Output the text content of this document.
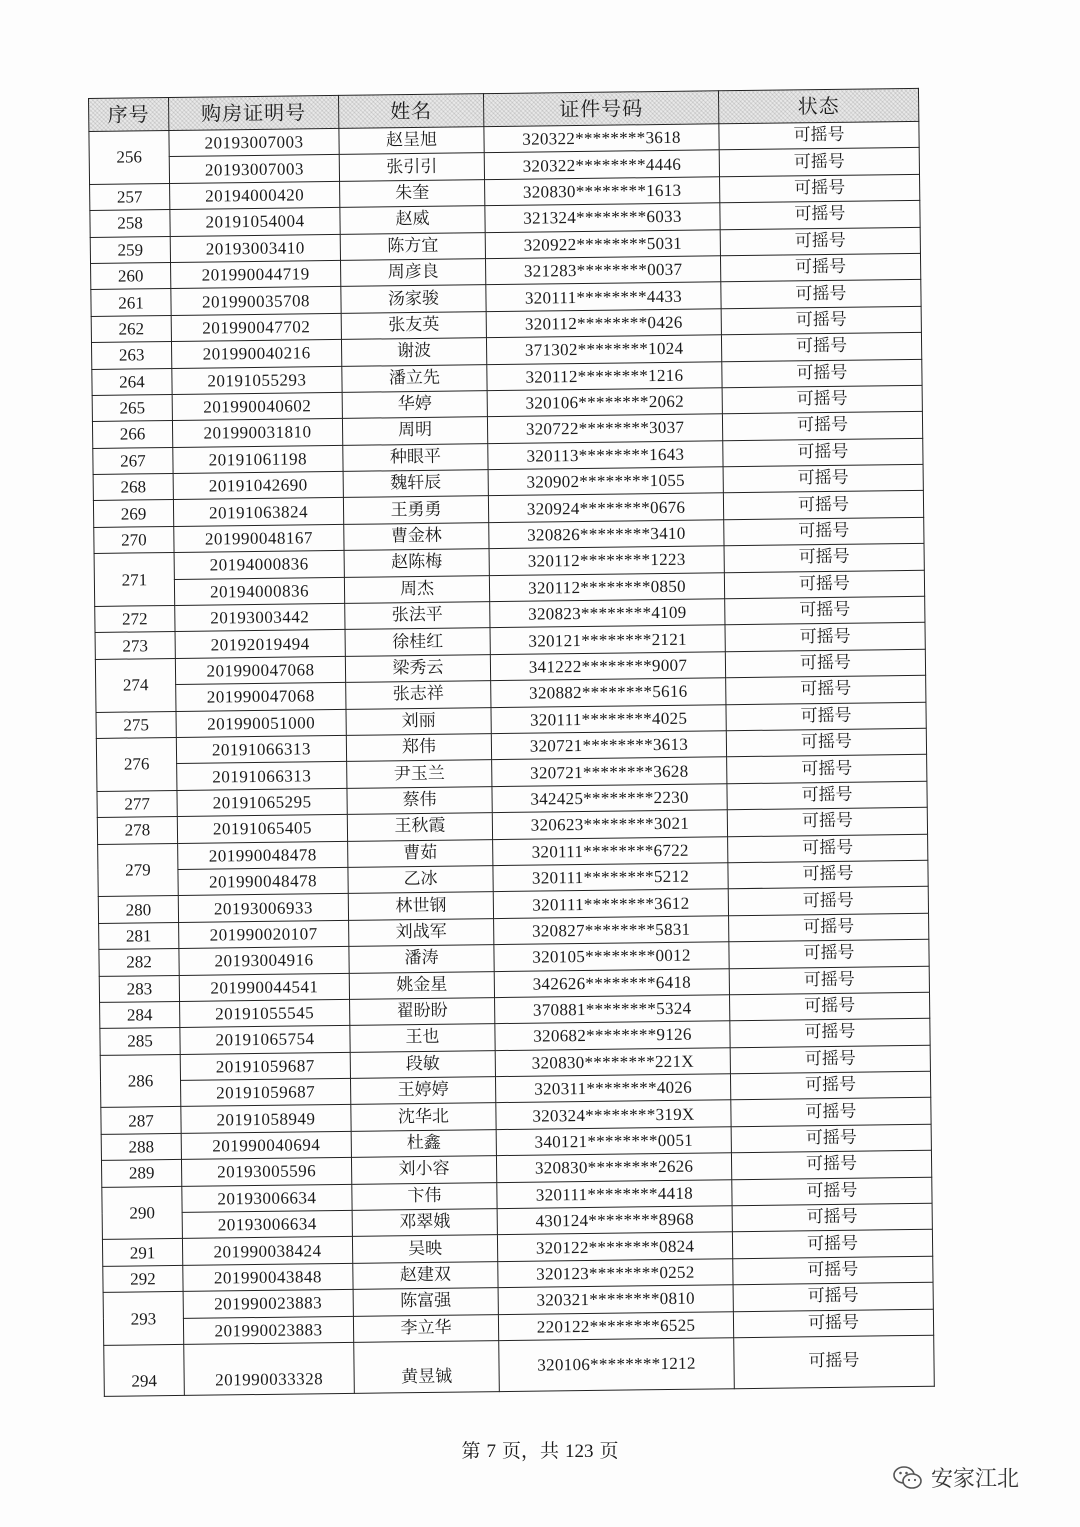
序号	购房证明号	姓名	证件号码	状态
256	20193007003	赵呈旭	320322********3618	可摇号
	20193007003	张引引	320322********4446	可摇号
257	20194000420	朱奎	320830********1613	可摇号
258	20191054004	赵威	321324********6033	可摇号
259	20193003410	陈方宜	320922********5031	可摇号
260	201990044719	周彦良	321283********0037	可摇号
261	201990035708	汤家骏	320111********4433	可摇号
262	201990047702	张友英	320112********0426	可摇号
263	201990040216	谢波	371302********1024	可摇号
264	20191055293	潘立先	320112********1216	可摇号
265	201990040602	华婷	320106********2062	可摇号
266	201990031810	周明	320722********3037	可摇号
267	20191061198	种眼平	320113********1643	可摇号
268	20191042690	魏轩辰	320902********1055	可摇号
269	20191063824	王勇勇	320924********0676	可摇号
270	201990048167	曹金林	320826********3410	可摇号
271	20194000836	赵陈梅	320112********1223	可摇号
	20194000836	周杰	320112********0850	可摇号
272	20193003442	张法平	320823********4109	可摇号
273	20192019494	徐桂红	320121********2121	可摇号
274	201990047068	梁秀云	341222********9007	可摇号
	201990047068	张志祥	320882********5616	可摇号
275	201990051000	刘丽	320111********4025	可摇号
276	20191066313	郑伟	320721********3613	可摇号
	20191066313	尹玉兰	320721********3628	可摇号
277	20191065295	蔡伟	342425********2230	可摇号
278	20191065405	王秋霞	320623********3021	可摇号
279	201990048478	曹茹	320111********6722	可摇号
	201990048478	乙冰	320111********5212	可摇号
280	20193006933	林世钢	320111********3612	可摇号
281	201990020107	刘战军	320827********5831	可摇号
282	20193004916	潘涛	320105********0012	可摇号
283	201990044541	姚金星	342626********6418	可摇号
284	20191055545	翟盼盼	370881********5324	可摇号
285	20191065754	王也	320682********9126	可摇号
286	20191059687	段敏	320830********221X	可摇号
	20191059687	王婷婷	320311********4026	可摇号
287	20191058949	沈华北	320324********319X	可摇号
288	201990040694	杜鑫	340121********0051	可摇号
289	20193005596	刘小容	320830********2626	可摇号
290	20193006634	卞伟	320111********4418	可摇号
	20193006634	邓翠娥	430124********8968	可摇号
291	201990038424	吴映	320122********0824	可摇号
292	201990043848	赵建双	320123********0252	可摇号
293	201990023883	陈富强	320321********0810	可摇号
	201990023883	李立华	220122********6525	可摇号
294	201990033328	黄昱铖	320106********1212	可摇号
第 7 页，共 123 页
安家江北
